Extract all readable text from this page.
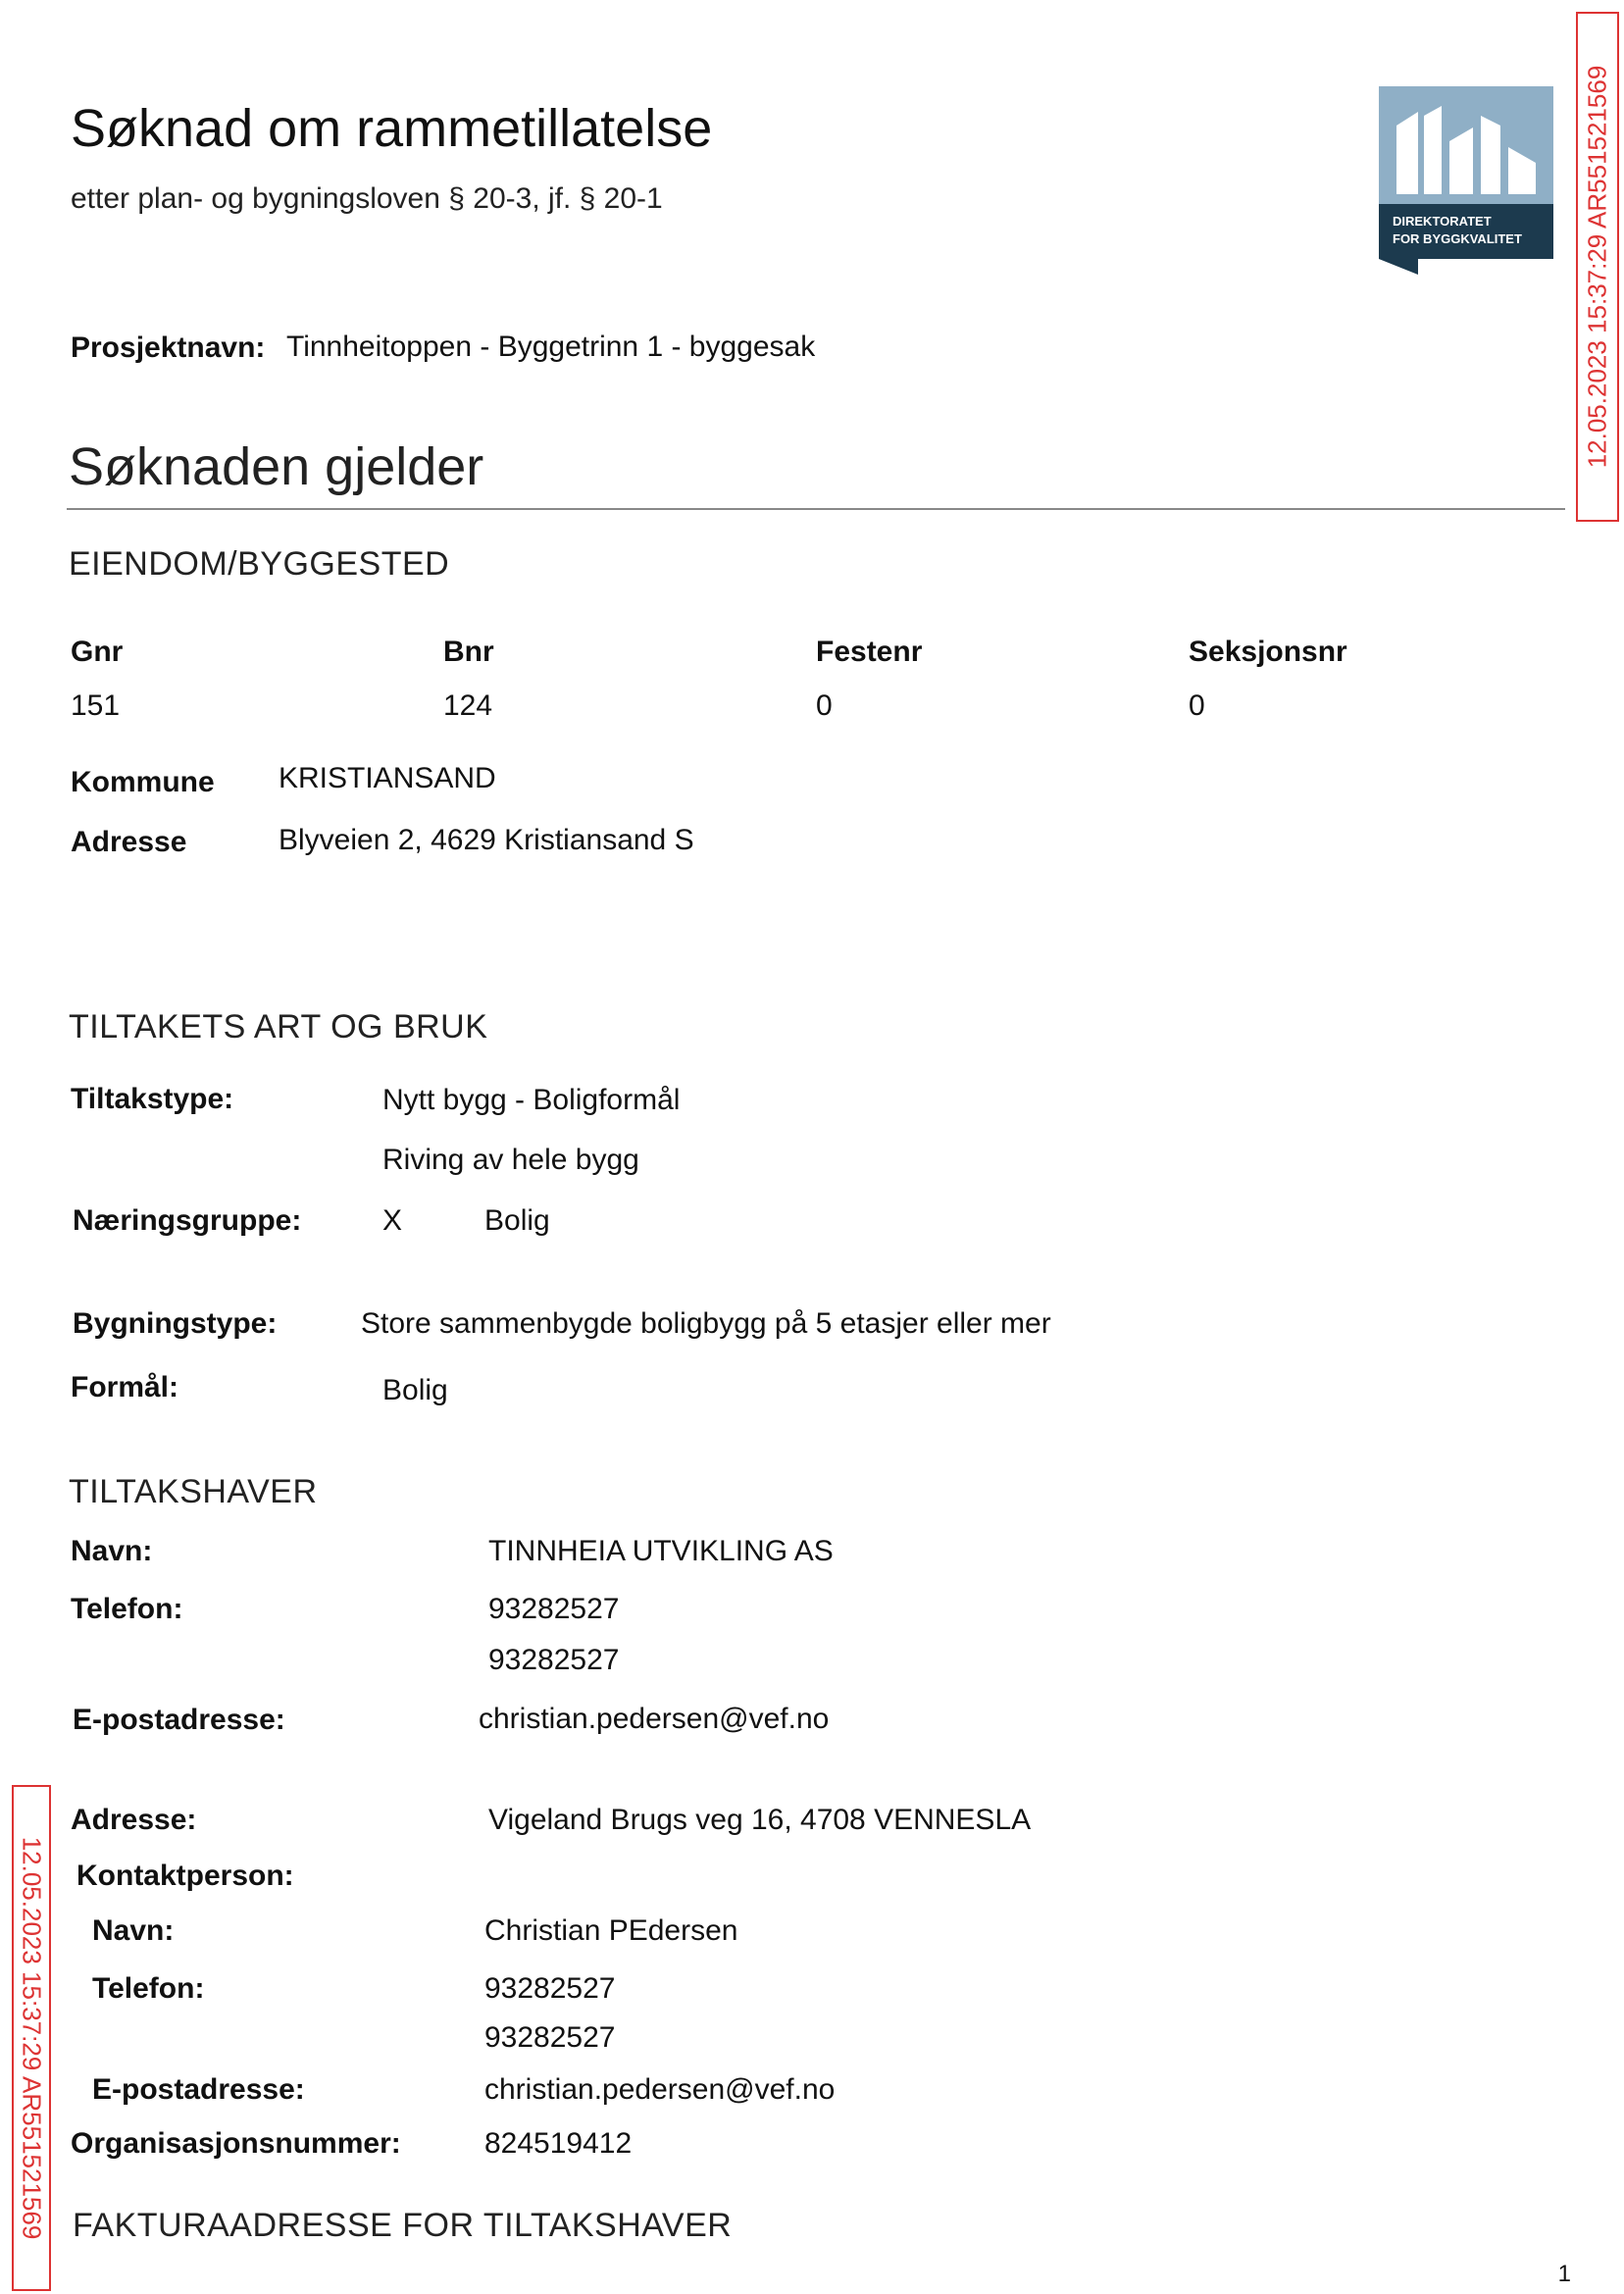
Søknad om rammetillatelse
etter plan- og bygningsloven § 20-3, jf. § 20-1
DIREKTORATET
FOR BYGGKVALITET 12.05.2023 15:37:29 AR551521569
12.05.2023 15:37:29 AR551521569
Prosjektnavn: Tinnheitoppen - Byggetrinn 1 - byggesak
Søknaden gjelder
EIENDOM/BYGGESTED
Gnr	Bnr	Festenr	Seksjonsnr
151	124	0	0
Kommune KRISTIANSAND
Adresse	Blyveien 2, 4629 Kristiansand S
TILTAKETS ART OG BRUK
Tiltakstype:	Nytt bygg - Boligformål
Riving av hele bygg
Næringsgruppe:	X	Bolig
Bygningstype:	Store sammenbygde boligbygg på 5 etasjer eller mer
Formål:	Bolig
TILTAKSHAVER
Navn:	TINNHEIA UTVIKLING AS
Telefon:	93282527
93282527
E-postadresse:	christian.pedersen@vef.no
Adresse:	Vigeland Brugs veg 16, 4708 VENNESLA
Kontaktperson:
Navn:	Christian PEdersen
Telefon:	93282527
93282527
E-postadresse:	christian.pedersen@vef.no
Organisasjonsnummer:	824519412
FAKTURAADRESSE FOR TILTAKSHAVER
1
